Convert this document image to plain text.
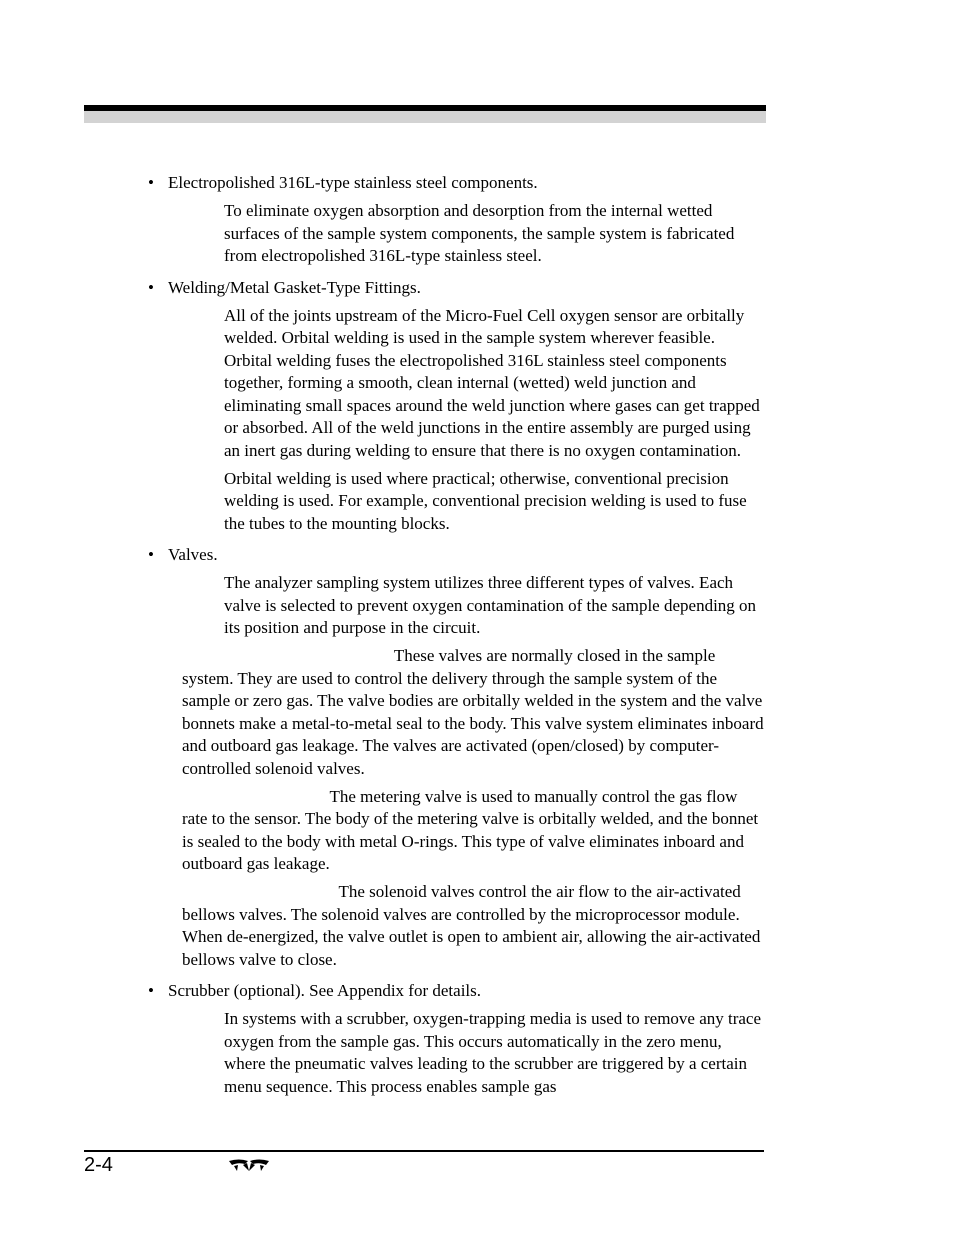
• Electropolished 316L-type stainless steel components.
To eliminate oxygen absorption and desorption from the internal wetted surfaces of the sample system components, the sample system is fabricated from electropolished 316L-type stainless steel.
• Welding/Metal Gasket-Type Fittings.
All of the joints upstream of the Micro-Fuel Cell oxygen sensor are orbitally welded. Orbital welding is used in the sample system wherever feasible. Orbital welding fuses the electropolished 316L stainless steel components together, forming a smooth, clean internal (wetted) weld junction and eliminating small spaces around the weld junction where gases can get trapped or absorbed. All of the weld junctions in the entire assembly are purged using an inert gas during welding to ensure that there is no oxygen contamination.
Orbital welding is used where practical; otherwise, conventional precision welding is used. For example, conventional precision welding is used to fuse the tubes to the mounting blocks.
• Valves.
The analyzer sampling system utilizes three different types of valves. Each valve is selected to prevent oxygen contamination of the sample depending on its position and purpose in the circuit.
These valves are normally closed in the sample system. They are used to control the delivery through the sample system of the sample or zero gas. The valve bodies are orbitally welded in the system and the valve bonnets make a metal-to-metal seal to the body. This valve system eliminates inboard and outboard gas leakage. The valves are activated (open/closed) by computer-controlled solenoid valves.
The metering valve is used to manually control the gas flow rate to the sensor. The body of the metering valve is orbitally welded, and the bonnet is sealed to the body with metal O-rings. This type of valve eliminates inboard and outboard gas leakage.
The solenoid valves control the air flow to the air-activated bellows valves. The solenoid valves are controlled by the microprocessor module. When de-energized, the valve outlet is open to ambient air, allowing the air-activated bellows valve to close.
• Scrubber (optional). See Appendix for details.
In systems with a scrubber, oxygen-trapping media is used to remove any trace oxygen from the sample gas. This occurs automatically in the zero menu, where the pneumatic valves leading to the scrubber are triggered by a certain menu sequence. This process enables sample gas
2-4
